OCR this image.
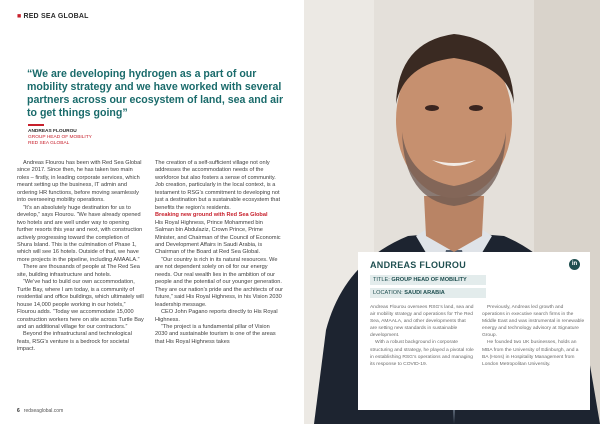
■ RED SEA GLOBAL
“We are developing hydrogen as a part of our mobility strategy and we have worked with several partners across our ecosystem of land, sea and air to get things going”
ANDREAS FLOUROU
GROUP HEAD OF MOBILITY
RED SEA GLOBAL

Andreas Flourou has been with Red Sea Global since 2017. Since then, he has taken two main roles – firstly, in leading corporate services, which meant setting up the business, IT admin and ordering HR functions, before moving seamlessly into overseeing mobility operations.

“It’s an absolutely huge destination for us to develop,” says Flourou. “We have already opened two hotels and are well under way to opening further resorts this year and next, with construction actively progressing toward the completion of Shura Island. This is the culmination of Phase 1, which will see 16 hotels. Outside of that, we have more projects in the pipeline, including AMAALA.”

There are thousands of people at The Red Sea site, building infrastructure and hotels.

“We’ve had to build our own accommodation, Turtle Bay, where I am today, is a community of residential and office buildings, which ultimately will house 14,000 people working in our hotels,” Flourou adds. “Today we accommodate 15,000 construction workers here on site across Turtle Bay and an additional village for our contractors.”

Beyond the infrastructural and technological feats, RSG’s venture is a bedrock for societal impact.

The creation of a self-sufficient village not only addresses the accommodation needs of the workforce but also fosters a sense of community. Job creation, particularly in the local context, is a testament to RSG’s commitment to developing not just a destination but a sustainable ecosystem that benefits the region’s residents.

Breaking new ground with Red Sea Global

His Royal Highness, Prince Mohammed bin Salman bin Abdulaziz, Crown Prince, Prime Minister, and Chairman of the Council of Economic and Development Affairs in Saudi Arabia, is Chairman of the Board at Red Sea Global.

“Our country is rich in its natural resources. We are not dependent solely on oil for our energy needs. Our real wealth lies in the ambition of our people and the potential of our younger generation. They are our nation’s pride and the architects of our future,” said His Royal Highness, in his Vision 2030 leadership message.

CEO John Pagano reports directly to His Royal Highness.

“The project is a fundamental pillar of Vision 2030 and sustainable tourism is one of the areas that His Royal Highness takes

6 redseaglobal.com
ANDREAS FLOUROU	in
TITLE: GROUP HEAD OF MOBILITY
LOCATION: SAUDI ARABIA

Andreas Flourou oversees RSG’s land, sea and air mobility strategy and operations for The Red Sea, AMAALA, and other developments that are setting new standards in sustainable development.

With a robust background in corporate structuring and strategy, he played a pivotal role in establishing RSG’s operations and managing its response to COVID-19.

Previously, Andreas led growth and operations in executive search firms in the Middle East and was instrumental in renewable energy and technology advisory at Signature Group.

He founded two UK businesses, holds an MBA from the University of Edinburgh, and a BA (Hons) in Hospitality Management from London Metropolitan University.
